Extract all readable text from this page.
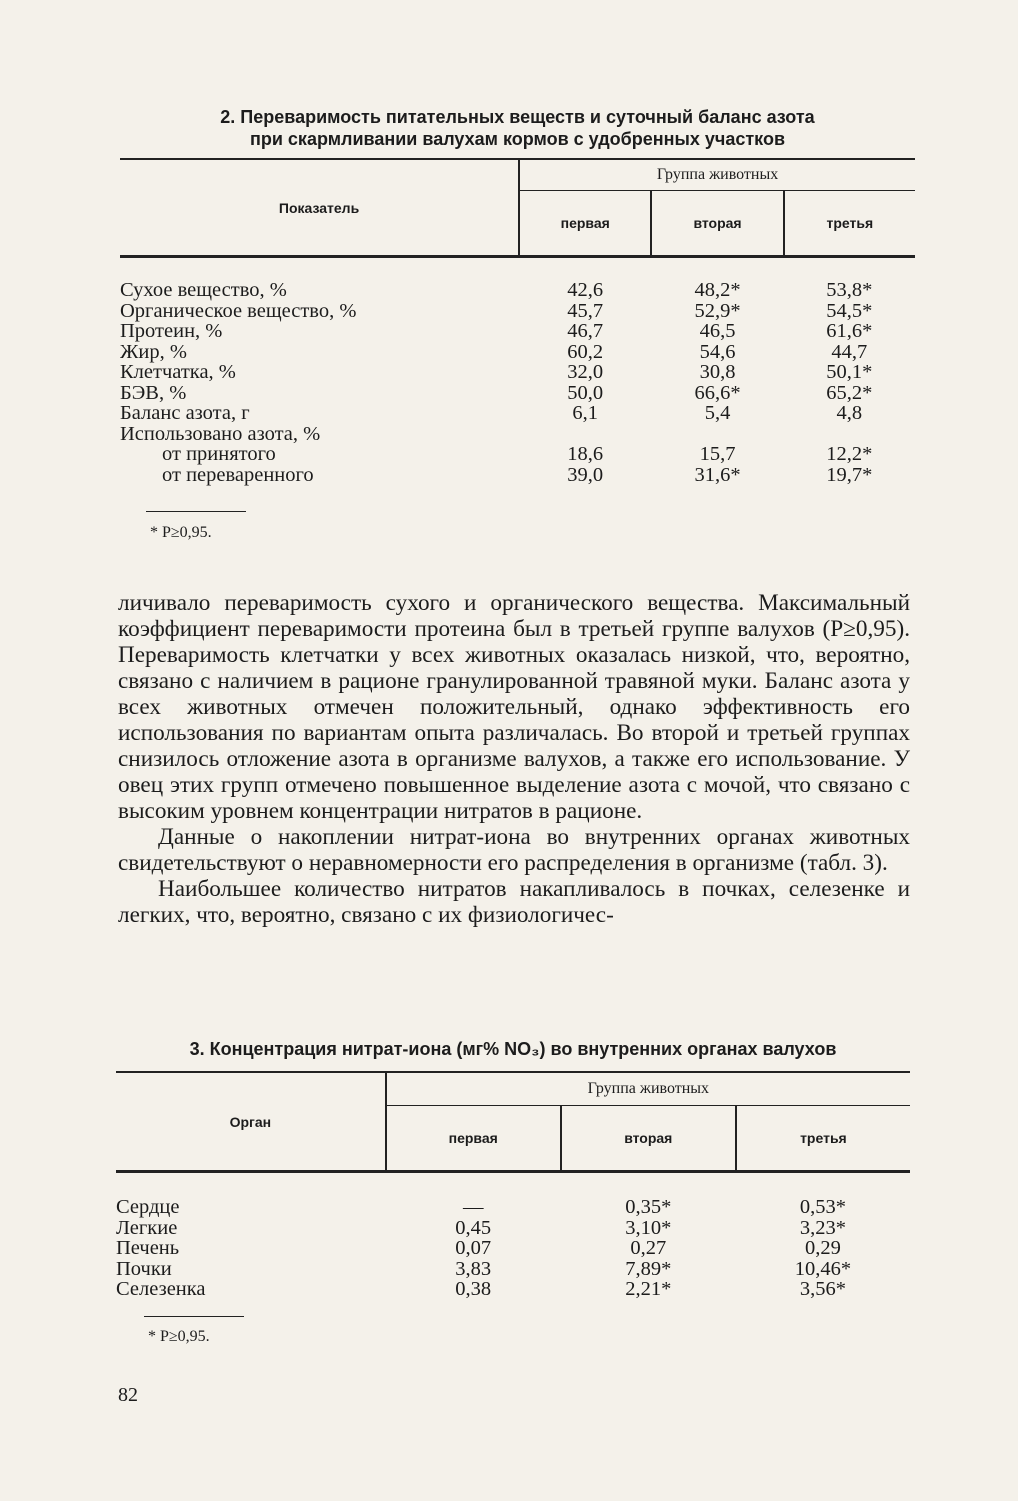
2. Переваримость питательных веществ и суточный баланс азота
при скармливании валухам кормов с удобренных участков

Показатель	Группа животных		
	первая	вторая	третья

Сухое вещество, %	42,6	48,2*	53,8*
Органическое вещество, %	45,7	52,9*	54,5*
Протеин, %	46,7	46,5	61,6*
Жир, %	60,2	54,6	44,7
Клетчатка, %	32,0	30,8	50,1*
БЭВ, %	50,0	66,6*	65,2*
Баланс азота, г	6,1	5,4	4,8
Использовано азота, %			
от принятого	18,6	15,7	12,2*
от переваренного	39,0	31,6*	19,7*
* P≥0,95.

личивало переваримость сухого и органического вещества. Максимальный коэффициент переваримости протеина был в третьей группе валухов (P≥0,95). Переваримость клетчатки у всех животных оказалась низкой, что, вероятно, связано с наличием в рационе гранулированной травяной муки. Баланс азота у всех животных отмечен положительный, однако эффективность его использования по вариантам опыта различалась. Во второй и третьей группах снизилось отложение азота в организме валухов, а также его использование. У овец этих групп отмечено повышенное выделение азота с мочой, что связано с высоким уровнем концентрации нитратов в рационе.

Данные о накоплении нитрат-иона во внутренних органах животных свидетельствуют о неравномерности его распределения в организме (табл. 3).

Наибольшее количество нитратов накапливалось в почках, селезенке и легких, что, вероятно, связано с их физиологичес-

3. Концентрация нитрат-иона (мг% NO₃) во внутренних органах валухов

Орган	Группа животных		
	первая	вторая	третья

Сердце	—	0,35*	0,53*
Легкие	0,45	3,10*	3,23*
Печень	0,07	0,27	0,29
Почки	3,83	7,89*	10,46*
Селезенка	0,38	2,21*	3,56*
* P≥0,95.
82
